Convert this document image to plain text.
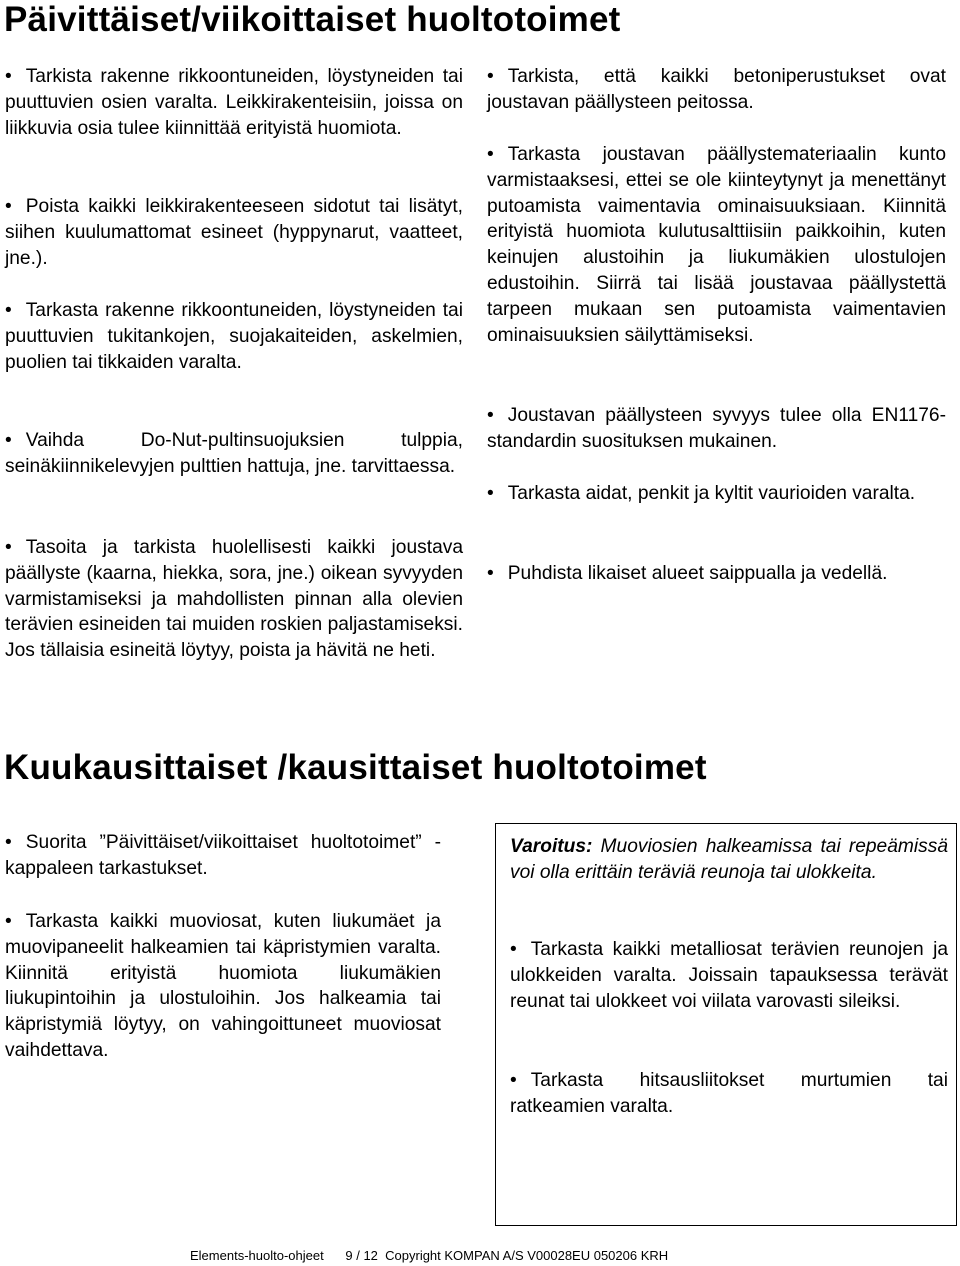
Päivittäiset/viikoittaiset huoltotoimet

• Tarkista rakenne rikkoontuneiden, löystyneiden tai puuttuvien osien varalta. Leikkirakenteisiin, joissa on liikkuvia osia tulee kiinnittää erityistä huomiota.

• Poista kaikki leikkirakenteeseen sidotut tai lisätyt, siihen kuulumattomat esineet (hyppynarut, vaatteet, jne.).

• Tarkasta rakenne rikkoontuneiden, löystyneiden tai puuttuvien tukitankojen, suojakaiteiden, askelmien, puolien tai tikkaiden varalta.

• Vaihda Do-Nut-pultinsuojuksien tulppia, seinäkiinnikelevyjen pulttien hattuja, jne. tarvittaessa.

• Tasoita ja tarkista huolellisesti kaikki joustava päällyste (kaarna, hiekka, sora, jne.) oikean syvyyden varmistamiseksi ja mahdollisten pinnan alla olevien terävien esineiden tai muiden roskien paljastamiseksi. Jos tällaisia esineitä löytyy, poista ja hävitä ne heti.

• Tarkista, että kaikki betoniperustukset ovat joustavan päällysteen peitossa.

• Tarkasta joustavan päällystemateriaalin kunto varmistaaksesi, ettei se ole kiinteytynyt ja menettänyt putoamista vaimentavia ominaisuuksiaan. Kiinnitä erityistä huomiota kulutusalttiisiin paikkoihin, kuten keinujen alustoihin ja liukumäkien ulostulojen edustoihin. Siirrä tai lisää joustavaa päällystettä tarpeen mukaan sen putoamista vaimentavien ominaisuuksien säilyttämiseksi.

• Joustavan päällysteen syvyys tulee olla EN1176-standardin suosituksen mukainen.

• Tarkasta aidat, penkit ja kyltit vaurioiden varalta.

• Puhdista likaiset alueet saippualla ja vedellä.

Kuukausittaiset /kausittaiset huoltotoimet

• Suorita ”Päivittäiset/viikoittaiset huoltotoimet” -kappaleen tarkastukset.

• Tarkasta kaikki muoviosat, kuten liukumäet ja muovipaneelit halkeamien tai käpristymien varalta. Kiinnitä erityistä huomiota liukumäkien liukupintoihin ja ulostuloihin. Jos halkeamia tai käpristymiä löytyy, on vahingoittuneet muoviosat vaihdettava.

Varoitus: Muoviosien halkeamissa tai repeämissä voi olla erittäin teräviä reunoja tai ulokkeita.

• Tarkasta kaikki metalliosat terävien reunojen ja ulokkeiden varalta. Joissain tapauksessa terävät reunat tai ulokkeet voi viilata varovasti sileiksi.

• Tarkasta hitsausliitokset murtumien tai ratkeamien varalta.

Elements-huolto-ohjeet 9 / 12 Copyright KOMPAN A/S V00028EU 050206 KRH
